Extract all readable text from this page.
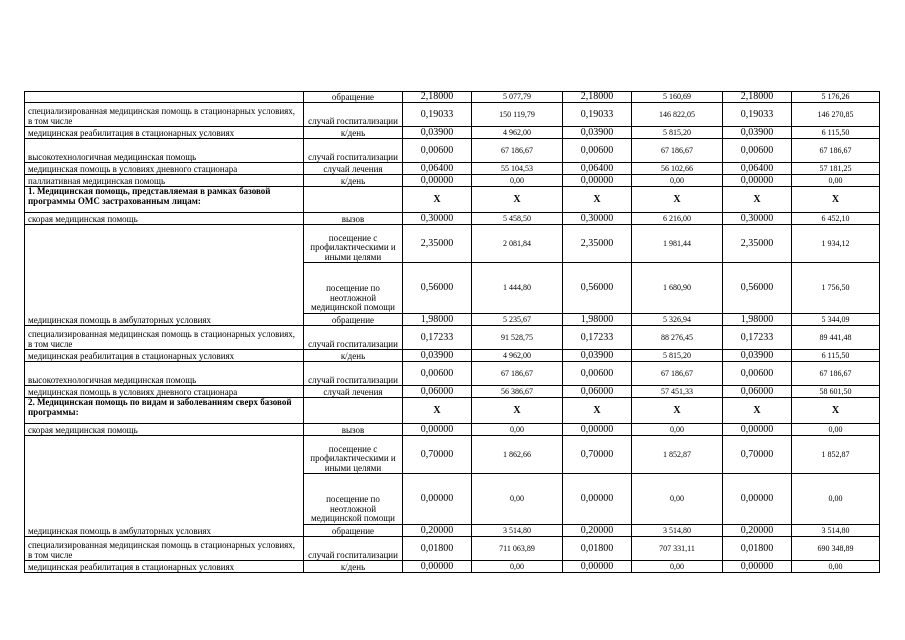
	обращение	2,18000	5 077,79	2,18000	5 160,69	2,18000	5 176,26
специализированная медицинская помощь в стационарных условиях, в том числе	случай госпитализации	0,19033	150 119,79	0,19033	146 822,05	0,19033	146 270,85
медицинская реабилитация в стационарных условиях	к/день	0,03900	4 962,00	0,03900	5 815,20	0,03900	6 115,50
высокотехнологичная медицинская помощь	случай госпитализации	0,00600	67 186,67	0,00600	67 186,67	0,00600	67 186,67
медицинская помощь в условиях дневного стационара	случай лечения	0,06400	55 104,53	0,06400	56 102,66	0,06400	57 181,25
паллиативная медицинская помощь	к/день	0,00000	0,00	0,00000	0,00	0,00000	0,00
1. Медицинская помощь, представляемая в рамках базовой программы ОМС застрахованным лицам:		X	X	X	X	X	X
скорая медицинская помощь	вызов	0,30000	5 458,50	0,30000	6 216,00	0,30000	6 452,10
медицинская помощь в амбулаторных условиях	посещение с профилактическими и иными целями	2,35000	2 081,84	2,35000	1 981,44	2,35000	1 934,12
	посещение по неотложной медицинской помощи	0,56000	1 444,80	0,56000	1 680,90	0,56000	1 756,50
	обращение	1,98000	5 235,67	1,98000	5 326,94	1,98000	5 344,09
специализированная медицинская помощь в стационарных условиях, в том числе	случай госпитализации	0,17233	91 528,75	0,17233	88 276,45	0,17233	89 441,48
медицинская реабилитация в стационарных условиях	к/день	0,03900	4 962,00	0,03900	5 815,20	0,03900	6 115,50
высокотехнологичная медицинская помощь	случай госпитализации	0,00600	67 186,67	0,00600	67 186,67	0,00600	67 186,67
медицинская помощь в условиях дневного стационара	случай лечения	0,06000	56 386,67	0,06000	57 451,33	0,06000	58 601,50
2. Медицинская помощь по видам и заболеваниям сверх базовой программы:		X	X	X	X	X	X
скорая медицинская помощь	вызов	0,00000	0,00	0,00000	0,00	0,00000	0,00
медицинская помощь в амбулаторных условиях	посещение с профилактическими и иными целями	0,70000	1 862,66	0,70000	1 852,87	0,70000	1 852,87
	посещение по неотложной медицинской помощи	0,00000	0,00	0,00000	0,00	0,00000	0,00
	обращение	0,20000	3 514,80	0,20000	3 514,80	0,20000	3 514,80
специализированная медицинская помощь в стационарных условиях, в том числе	случай госпитализации	0,01800	711 063,89	0,01800	707 331,11	0,01800	690 348,89
медицинская реабилитация в стационарных условиях	к/день	0,00000	0,00	0,00000	0,00	0,00000	0,00
